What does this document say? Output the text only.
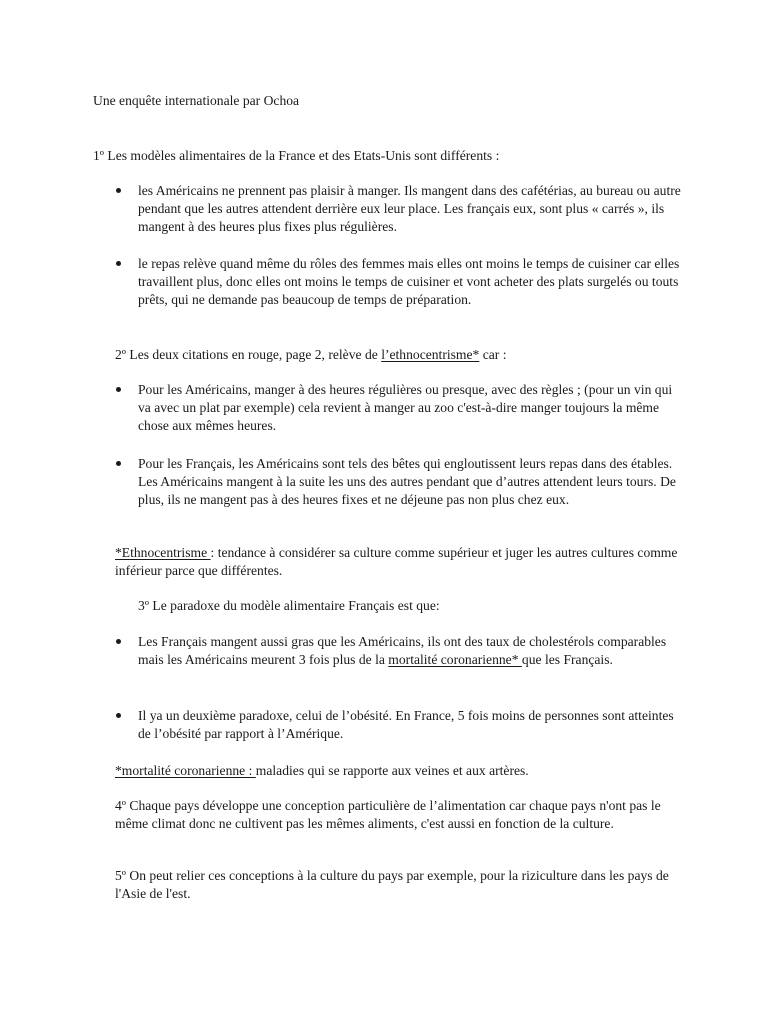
Une enquête internationale par Ochoa

1º Les modèles alimentaires de la France et des Etats-Unis sont différents :

les Américains ne prennent pas plaisir à manger. Ils mangent dans des cafétérias, au bureau ou autre pendant que les autres attendent derrière eux leur place. Les français eux, sont plus « carrés », ils mangent à des heures plus fixes plus régulières.
le repas relève quand même du rôles des femmes mais elles ont moins le temps de cuisiner car elles travaillent plus, donc elles ont moins le temps de cuisiner et vont acheter des plats surgelés ou touts prêts, qui ne demande pas beaucoup de temps de préparation.

2º Les deux citations en rouge, page 2, relève de l’ethnocentrisme* car :

Pour les Américains, manger à des heures régulières ou presque, avec des règles ; (pour un vin qui va avec un plat par exemple) cela revient à manger au zoo c'est-à-dire manger toujours la même chose aux mêmes heures.
Pour les Français, les Américains sont tels des bêtes qui engloutissent leurs repas dans des étables. Les Américains mangent à la suite les uns des autres pendant que d’autres attendent leurs tours. De plus, ils ne mangent pas à des heures fixes et ne déjeune pas non plus chez eux.

*Ethnocentrisme : tendance à considérer sa culture comme supérieur et juger les autres cultures comme inférieur parce que différentes.

3º Le paradoxe du modèle alimentaire Français est que:

Les Français mangent aussi gras que les Américains, ils ont des taux de cholestérols comparables mais les Américains meurent 3 fois plus de la mortalité coronarienne* que les Français.
Il ya un deuxième paradoxe, celui de l’obésité. En France, 5 fois moins de personnes sont atteintes de l’obésité par rapport à l’Amérique.

*mortalité coronarienne : maladies qui se rapporte aux veines et aux artères.

4º Chaque pays développe une conception particulière de l’alimentation car chaque pays n'ont pas le même climat donc ne cultivent pas les mêmes aliments, c'est aussi en fonction de la culture.

5º On peut relier ces conceptions à la culture du pays par exemple, pour la riziculture dans les pays de l'Asie de l'est.
